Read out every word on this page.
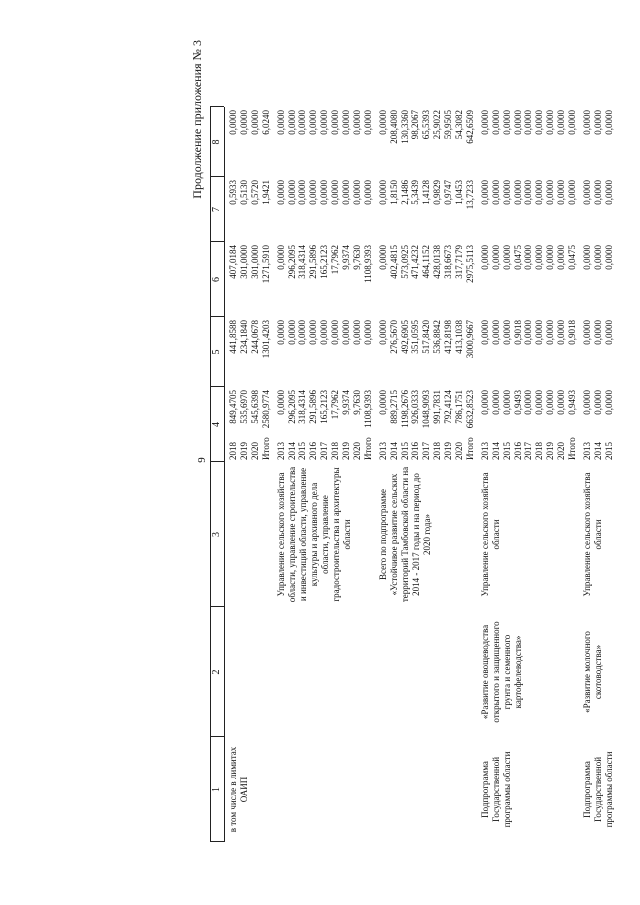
9
Продолжение приложения № 3
1
2
3
4
5
6
7
8
2018
849,4705
441,8588
407,0184
0,5933
0,0000
2019
535,6970
234,1840
301,0000
0,5130
0,0000
2020
545,6398
244,0678
301,0000
0,5720
0,0000
Итого
2580,9774
1301,4203
1271,5910
1,9421
6,0240
в том числе в лимитах ОАИП
2013
0,0000
0,0000
0,0000
0,0000
0,0000
2014
296,2095
0,0000
296,2095
0,0000
0,0000
2015
318,4314
0,0000
318,4314
0,0000
0,0000
2016
291,5896
0,0000
291,5896
0,0000
0,0000
2017
165,2123
0,0000
165,2123
0,0000
0,0000
2018
17,7962
0,0000
17,7962
0,0000
0,0000
2019
9,9374
0,0000
9,9374
0,0000
0,0000
2020
9,7630
0,0000
9,7630
0,0000
0,0000
Итого
1108,9393
0,0000
1108,9393
0,0000
0,0000
Управление сельского хозяйства области, управление строительства и инвестиций области, управление культуры и архивного дела области, управление градостроительства и архитектуры области
2013
0,0000
0,0000
0,0000
0,0000
0,0000
2014
889,2715
276,5670
402,4815
1,8150
208,4080
2015
1198,2676
492,6905
573,0925
2,1486
130,3360
2016
926,0333
351,0595
471,4232
5,3439
98,2067
2017
1048,9093
517,8420
464,1152
1,4128
65,5393
2018
991,7831
536,8842
428,0138
0,9829
25,9022
2019
792,4124
412,8198
318,6673
0,9747
59,9505
2020
786,1751
413,1038
317,7179
1,0453
54,3082
Итого
6632,8523
3000,9667
2975,5113
13,7233
642,6509
Всего по подпрограмме «Устойчивое развитие сельских территорий Тамбовской области на 2014 - 2017 годы и на период до 2020 года»
2013
0,0000
0,0000
0,0000
0,0000
0,0000
2014
0,0000
0,0000
0,0000
0,0000
0,0000
2015
0,0000
0,0000
0,0000
0,0000
0,0000
2016
0,9493
0,9018
0,0475
0,0000
0,0000
2017
0,0000
0,0000
0,0000
0,0000
0,0000
2018
0,0000
0,0000
0,0000
0,0000
0,0000
2019
0,0000
0,0000
0,0000
0,0000
0,0000
2020
0,0000
0,0000
0,0000
0,0000
0,0000
Итого
0,9493
0,9018
0,0475
0,0000
0,0000
Подпрограмма Государственной программы области
«Развитие овощеводства открытого и защищенного грунта и семенного картофелеводства»
Управление сельского хозяйства области
2013
0,0000
0,0000
0,0000
0,0000
0,0000
2014
0,0000
0,0000
0,0000
0,0000
0,0000
2015
0,0000
0,0000
0,0000
0,0000
0,0000
Подпрограмма Государственной программы области
«Развитие молочного скотоводства»
Управление сельского хозяйства области
